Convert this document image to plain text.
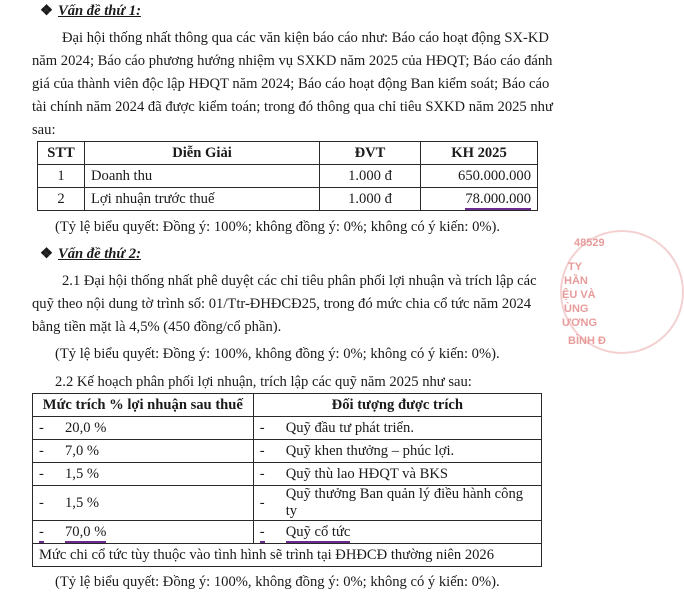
❖ Vấn đề thứ 1:
Đại hội thống nhất thông qua các văn kiện báo cáo như: Báo cáo hoạt động SX-KD
năm 2024; Báo cáo phương hướng nhiệm vụ SXKD năm 2025 của HĐQT; Báo cáo đánh
giá của thành viên độc lập HĐQT năm 2024; Báo cáo hoạt động Ban kiểm soát; Báo cáo
tài chính năm 2024 đã được kiểm toán; trong đó thông qua chỉ tiêu SXKD năm 2025 như
sau:
STT	Diễn Giải	ĐVT	KH 2025
1	Doanh thu	1.000 đ	650.000.000
2	Lợi nhuận trước thuế	1.000 đ	78.000.000
(Tỷ lệ biểu quyết: Đồng ý: 100%; không đồng ý: 0%; không có ý kiến: 0%).
❖ Vấn đề thứ 2:
2.1 Đại hội thống nhất phê duyệt các chỉ tiêu phân phối lợi nhuận và trích lập các
quỹ theo nội dung tờ trình số: 01/Ttr-ĐHĐCĐ25, trong đó mức chia cổ tức năm 2024
bằng tiền mặt là 4,5% (450 đồng/cổ phần).
(Tỷ lệ biểu quyết: Đồng ý: 100%, không đồng ý: 0%; không có ý kiến: 0%).
2.2 Kế hoạch phân phối lợi nhuận, trích lập các quỹ năm 2025 như sau:
Mức trích % lợi nhuận sau thuế		Đối tượng được trích	
-	20,0 %	-	Quỹ đầu tư phát triển.
-	7,0 %	-	Quỹ khen thưởng – phúc lợi.
-	1,5 %	-	Quỹ thù lao HĐQT và BKS
-	1,5 %	-	Quỹ thưởng Ban quản lý điều hành công ty
-	70,0 %	-	Quỹ cổ tức
Mức chi cổ tức tùy thuộc vào tình hình sẽ trình tại ĐHĐCĐ thường niên 2026			
(Tỷ lệ biểu quyết: Đồng ý: 100%, không đồng ý: 0%; không có ý kiến: 0%).
48529
TY
HẦN
ỆU VÀ
ÙNG
ƯƠNG
BÌNH Đ
